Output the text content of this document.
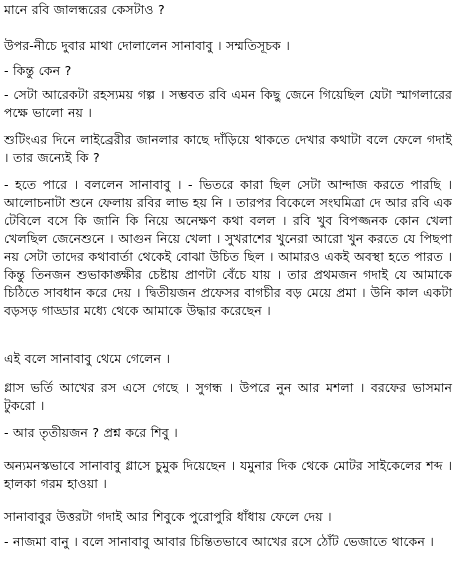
মানে রবি জালন্ধরের কেসটাও ?

উপর-নীচে দুবার মাথা দোলালেন সানাবাবু । সম্মতিসূচক ।

- কিন্তু কেন ?

- সেটা আরেকটা রহস্যময় গল্প । সম্ভবত রবি এমন কিছু জেনে গিয়েছিল যেটা স্মাগলারের পক্ষে ভালো নয় ।

শুটিংএর দিনে লাইব্রেরীর জানলার কাছে দাঁড়িয়ে থাকতে দেখার কথাটা বলে ফেলে গদাই । তার জন্যেই কি ?

- হতে পারে । বললেন সানাবাবু । - ভিতরে কারা ছিল সেটা আন্দাজ করতে পারছি । আলোচনাটা শুনে ফেলায় রবির লাভ হয় নি । তারপর বিকেলে সংঘমিত্রা দে আর রবি এক টেবিলে বসে কি জানি কি নিয়ে অনেক্ষণ কথা বলল । রবি খুব বিপজ্জনক কোন খেলা খেলছিল জেনেশুনে । আগুন নিয়ে খেলা । সুখরাশের খুনেরা আরো খুন করতে যে পিছপা নয় সেটা তাদের কথাবার্তা থেকেই বোঝা উচিত ছিল । আমারও একই অবস্থা হতে পারত । কিন্তু তিনজন শুভাকাঙ্ক্ষীর চেষ্টায় প্রাণটা বেঁচে যায় । তার প্রথমজন গদাই যে আমাকে চিঠিতে সাবধান করে দেয় । দ্বিতীয়জন প্রফেসর বাগচীর বড় মেয়ে প্রমা । উনি কাল একটা বড়সড় গাড্ডার মধ্যে থেকে আমাকে উদ্ধার করেছেন ।

এই বলে সানাবাবু থেমে গেলেন ।

গ্লাস ভর্তি আখের রস এসে গেছে । সুগন্ধ । উপরে নুন আর মশলা । বরফের ভাসমান টুকরো ।

- আর তৃতীয়জন ? প্রশ্ন করে শিবু ।

অন্যমনস্কভাবে সানাবাবু গ্লাসে চুমুক দিয়েছেন । যমুনার দিক থেকে মোটর সাইকেলের শব্দ । হালকা গরম হাওয়া ।

সানাবাবুর উত্তরটা গদাই আর শিবুকে পুরোপুরি ধাঁধায় ফেলে দেয় ।

- নাজমা বানু । বলে সানাবাবু আবার চিন্তিতভাবে আখের রসে ঠোঁট ভেজাতে থাকেন ।
